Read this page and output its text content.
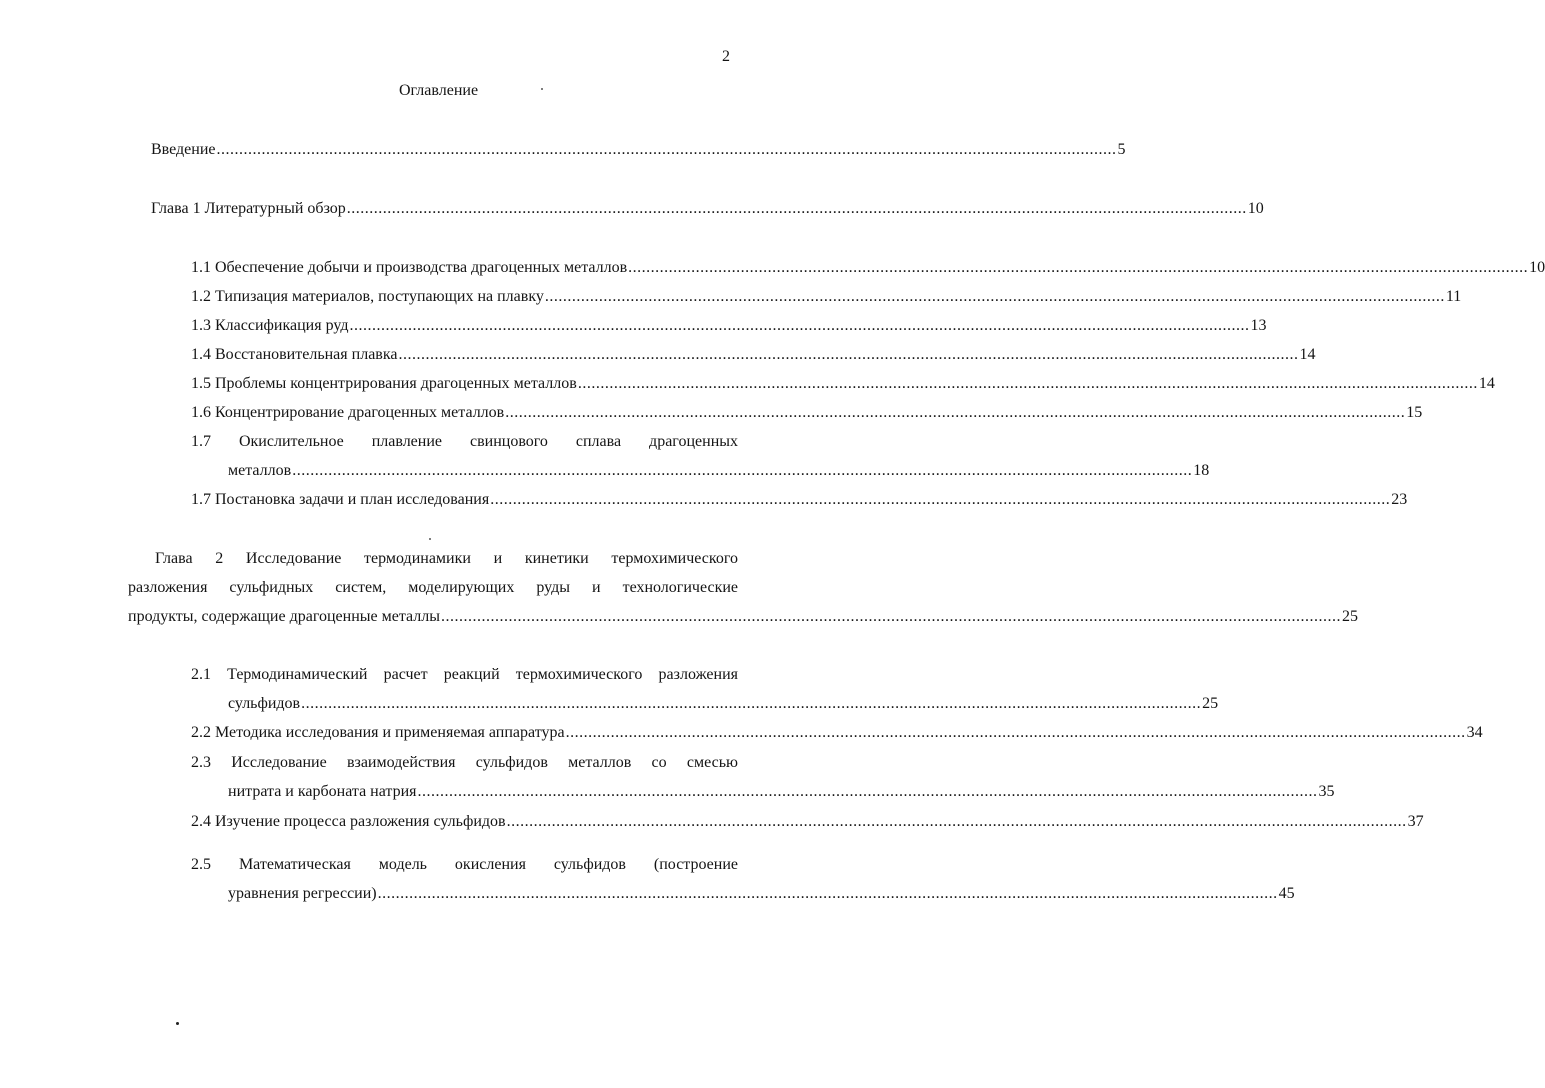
2
Оглавление
Введение ........................................................................................................................................................................................................ 5
Глава 1 Литературный обзор ........................................................................................................................................................................................................ 10
1.1 Обеспечение добычи и производства драгоценных металлов ........................................................................................................................................................................................................ 10
1.2 Типизация материалов, поступающих на плавку ........................................................................................................................................................................................................ 11
1.3 Классификация руд ........................................................................................................................................................................................................ 13
1.4 Восстановительная плавка ........................................................................................................................................................................................................ 14
1.5 Проблемы концентрирования драгоценных металлов ........................................................................................................................................................................................................ 14
1.6 Концентрирование драгоценных металлов ........................................................................................................................................................................................................ 15
1.7 Окислительное плавление свинцового сплава драгоценных
металлов ........................................................................................................................................................................................................ 18
1.7 Постановка задачи и план исследования ........................................................................................................................................................................................................ 23
Глава 2 Исследование термодинамики и кинетики термохимического
разложения сульфидных систем, моделирующих руды и технологические
продукты, содержащие драгоценные металлы ........................................................................................................................................................................................................ 25
2.1 Термодинамический расчет реакций термохимического разложения
сульфидов ........................................................................................................................................................................................................ 25
2.2 Методика исследования и применяемая аппаратура ........................................................................................................................................................................................................ 34
2.3 Исследование взаимодействия сульфидов металлов со смесью
нитрата и карбоната натрия ........................................................................................................................................................................................................ 35
2.4 Изучение процесса разложения сульфидов ........................................................................................................................................................................................................ 37
2.5 Математическая модель окисления сульфидов (построение
уравнения регрессии) ........................................................................................................................................................................................................ 45
